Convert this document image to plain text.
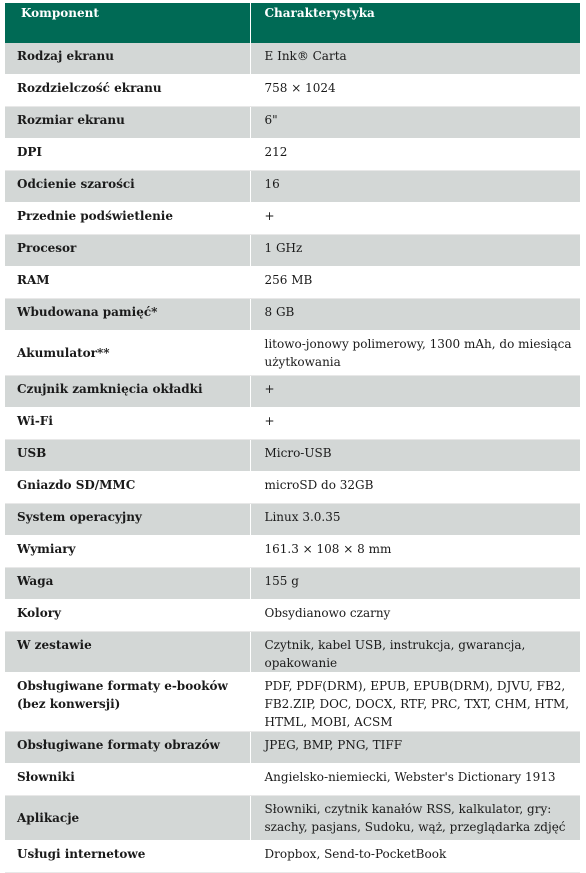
Komponent	Charakterystyka
Rodzaj ekranu	E Ink® Carta
Rozdzielczość ekranu	758 × 1024
Rozmiar ekranu	6"
DPI	212
Odcienie szarości	16
Przednie podświetlenie	+
Procesor	1 GHz
RAM	256 MB
Wbudowana pamięć*	8 GB
Akumulator**	litowo-jonowy polimerowy, 1300 mAh, do miesiąca użytkowania
Czujnik zamknięcia okładki	+
Wi-Fi	+
USB	Micro-USB
Gniazdo SD/MMC	microSD do 32GB
System operacyjny	Linux 3.0.35
Wymiary	161.3 × 108 × 8 mm
Waga	155 g
Kolory	Obsydianowo czarny
W zestawie	Czytnik, kabel USB, instrukcja, gwarancja, opakowanie
Obsługiwane formaty e-booków (bez konwersji)	PDF, PDF(DRM), EPUB, EPUB(DRM), DJVU, FB2, FB2.ZIP, DOC, DOCX, RTF, PRC, TXT, CHM, HTM, HTML, MOBI, ACSM
Obsługiwane formaty obrazów	JPEG, BMP, PNG, TIFF
Słowniki	Angielsko-niemiecki, Webster's Dictionary 1913
Aplikacje	Słowniki, czytnik kanałów RSS, kalkulator, gry: szachy, pasjans, Sudoku, wąż, przeglądarka zdjęć
Usługi internetowe	Dropbox, Send-to-PocketBook
